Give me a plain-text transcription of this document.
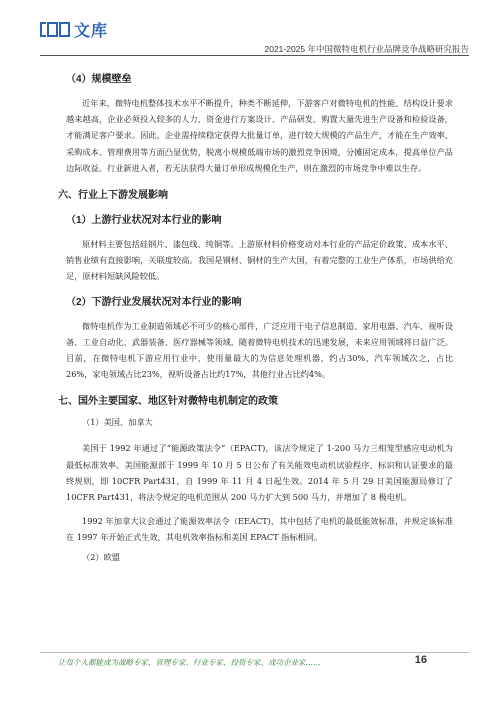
文库
2021-2025 年中国微特电机行业品牌竞争战略研究报告
（4）规模壁垒

近年来，微特电机整体技术水平不断提升，种类不断延伸，下游客户对微特电机的性能、结构设计要求越来越高，企业必须投入较多的人力、资金进行方案设计、产品研发、购置大量先进生产设备和检验设备，才能满足客户要求。因此，企业需持续稳定获得大批量订单，进行较大规模的产品生产，才能在生产效率、采购成本、管理费用等方面凸显优势，脱离小规模低端市场的激烈竞争困境，分摊固定成本，提高单位产品边际收益。行业新进入者，若无法获得大量订单形成规模化生产，则在激烈的市场竞争中难以生存。

六、行业上下游发展影响
（1）上游行业状况对本行业的影响

原材料主要包括硅钢片、漆包线、纯铜等。上游原材料价格变动对本行业的产品定价政策、成本水平、销售业绩有直接影响，关联度较高。我国是钢材、铜材的生产大国，有着完整的工业生产体系，市场供给充足，原材料短缺风险较低。

（2）下游行业发展状况对本行业的影响

微特电机作为工业制造领域必不可少的核心部件，广泛应用于电子信息制造、家用电器、汽车、视听设备、工业自动化、武器装备、医疗器械等领域，随着微特电机技术的迅速发展，未来应用领域将日益广泛。目前，在微特电机下游应用行业中，使用量最大的为信息处理机器，约占30%，汽车领域次之，占比26%，家电领域占比23%，视听设备占比约17%，其他行业占比约4%。

七、国外主要国家、地区针对微特电机制定的政策
（1）美国、加拿大

美国于 1992 年通过了“能源政策法令”（EPACT)，该法令规定了 1-200 马力三相笼型感应电动机为最低标准效率。美国能源部于 1999 年 10 月 5 日公布了有关能效电动机试验程序、标识和认证要求的最终规则，即 10CFR Part431，自 1999 年 11 月 4 日起生效。2014 年 5 月 29 日美国能源局修订了 10CFR Part431，将法令规定的电机范围从 200 马力扩大到 500 马力，并增加了 8 极电机。

1992 年加拿大议会通过了能源效率法令（EEACT)，其中包括了电机的最低能效标准，并规定该标准在 1997 年开始正式生效，其电机效率指标和美国 EPACT 指标相同。

（2）欧盟
让每个人都能成为战略专家、管理专家、行业专家、投资专家、成功企业家……	16
